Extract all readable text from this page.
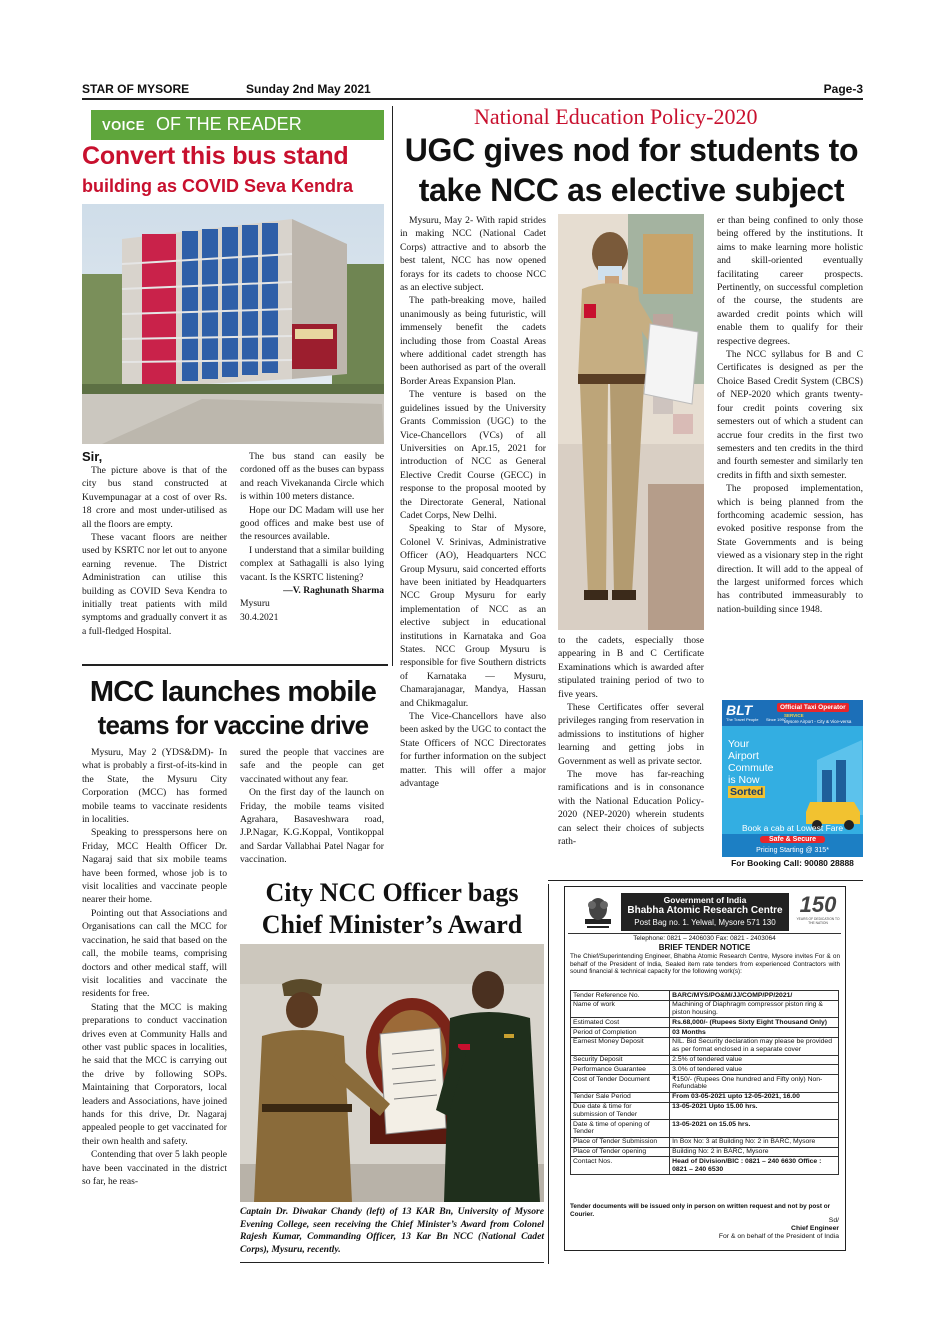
STAR OF MYSORE	Sunday 2nd May 2021	Page-3
VOICE OF THE READER
Convert this bus stand
building as COVID Seva Kendra
Sir,

The picture above is that of the city bus stand constructed at Kuvempunagar at a cost of over Rs. 18 crore and most under-utilised as all the floors are empty.

These vacant floors are neither used by KSRTC nor let out to anyone earning revenue. The District Administration can utilise this building as COVID Seva Kendra to initially treat patients with mild symptoms and gradually convert it as a full-fledged Hospital.

The bus stand can easily be cordoned off as the buses can bypass and reach Vivekananda Circle which is within 100 meters distance.

Hope our DC Madam will use her good offices and make best use of the resources available.

I understand that a similar building complex at Sathagalli is also lying vacant. Is the KSRTC listening?

—V. Raghunath Sharma
Mysuru
30.4.2021
National Education Policy-2020
UGC gives nod for students to
take NCC as elective subject

Mysuru, May 2- With rapid strides in making NCC (National Cadet Corps) attractive and to absorb the best talent, NCC has now opened forays for its cadets to choose NCC as an elective subject.

The path-breaking move, hailed unanimously as being futuristic, will immensely benefit the cadets including those from Coastal Areas where additional cadet strength has been authorised as part of the overall Border Areas Expansion Plan.

The venture is based on the guidelines issued by the University Grants Commission (UGC) to the Vice-Chancellors (VCs) of all Universities on Apr.15, 2021 for introduction of NCC as General Elective Credit Course (GECC) in response to the proposal mooted by the Directorate General, National Cadet Corps, New Delhi.

Speaking to Star of Mysore, Colonel V. Srinivas, Administrative Officer (AO), Headquarters NCC Group Mysuru, said concerted efforts have been initiated by Headquarters NCC Group Mysuru for early implementation of NCC as an elective subject in educational institutions in Karnataka and Goa States. NCC Group Mysuru is responsible for five Southern districts of Karnataka — Mysuru, Chamarajanagar, Mandya, Hassan and Chikmagalur.

The Vice-Chancellors have also been asked by the UGC to contact the State Officers of NCC Directorates for further information on the subject matter. This will offer a major advantage

to the cadets, especially those appearing in B and C Certificate Examinations which is awarded after stipulated training period of two to five years.

These Certificates offer several privileges ranging from reservation in admissions to institutions of higher learning and getting jobs in Government as well as private sector.

The move has far-reaching ramifications and is in consonance with the National Education Policy-2020 (NEP-2020) wherein students can select their choices of subjects rath-

er than being confined to only those being offered by the institutions. It aims to make learning more holistic and skill-oriented eventually facilitating career prospects. Pertinently, on successful completion of the course, the students are awarded credit points which will enable them to qualify for their respective degrees.

The NCC syllabus for B and C Certificates is designed as per the Choice Based Credit System (CBCS) of NEP-2020 which grants twenty-four credit points covering six semesters out of which a student can accrue four credits in the first two semesters and ten credits in the third and fourth semester and similarly ten credits in fifth and sixth semester.

The proposed implementation, which is being planned from the forthcoming academic session, has evoked positive response from the State Governments and is being viewed as a visionary step in the right direction. It will add to the appeal of the largest uniformed forces which has contributed immeasurably to nation-building since 1948.

BLT
The Travel People Since 1997
Official Taxi Operator
SERVICE
Mysore Airport - City & Vice-versa
Your
Airport
Commute
is Now
Sorted
Book a cab at Lowest Fare
Safe & Secure
Pricing Starting @ 315*
For Booking Call: 90080 28888
MCC launches mobile
teams for vaccine drive

Mysuru, May 2 (YDS&DM)- In what is probably a first-of-its-kind in the State, the Mysuru City Corporation (MCC) has formed mobile teams to vaccinate residents in localities.

Speaking to presspersons here on Friday, MCC Health Officer Dr. Nagaraj said that six mobile teams have been formed, whose job is to visit localities and vaccinate people nearer their home.

Pointing out that Associations and Organisations can call the MCC for vaccination, he said that based on the call, the mobile teams, comprising doctors and other medical staff, will visit localities and vaccinate the residents for free.

Stating that the MCC is making preparations to conduct vaccination drives even at Community Halls and other vast public spaces in localities, he said that the MCC is carrying out the drive by following SOPs. Maintaining that Corporators, local leaders and Associations, have joined hands for this drive, Dr. Nagaraj appealed people to get vaccinated for their own health and safety.

Contending that over 5 lakh people have been vaccinated in the district so far, he reas-

sured the people that vaccines are safe and the people can get vaccinated without any fear.

On the first day of the launch on Friday, the mobile teams visited Agrahara, Basaveshwara road, J.P.Nagar, K.G.Koppal, Vontikoppal and Sardar Vallabhai Patel Nagar for vaccination.

City NCC Officer bags
Chief Minister’s Award
Captain Dr. Diwakar Chandy (left) of 13 KAR Bn, University of Mysore Evening College, seen receiving the Chief Minister’s Award from Colonel Rajesh Kumar, Commanding Officer, 13 Kar Bn NCC (National Cadet Corps), Mysuru, recently.
Government of India
Bhabha Atomic Research Centre
Post Bag no. 1. Yelwal, Mysore 571 130
150
YEARS OF DEDICATION TO THE NATION
Telephone: 0821 – 2406030 Fax: 0821 - 2403064
BRIEF TENDER NOTICE
The Chief/Superintending Engineer, Bhabha Atomic Research Centre, Mysore invites For & on behalf of the President of India, Sealed item rate tenders from experienced Contractors with sound financial & technical capacity for the following work(s):
Tender Reference No.	BARC/MYS/PO&M/JJ/COMP/PP/2021/
Name of work	Machining of Diaphragm compressor piston ring & piston housing.
Estimated Cost	Rs.68,000/- (Rupees Sixty Eight Thousand Only)
Period of Completion	03 Months
Earnest Money Deposit	NIL. Bid Security declaration may please be provided as per format enclosed in a separate cover
Security Deposit	2.5% of tendered value
Performance Guarantee	3.0% of tendered value
Cost of Tender Document	₹150/- (Rupees One hundred and Fifty only) Non-Refundable
Tender Sale Period	From 03-05-2021 upto 12-05-2021, 16.00
Due date & time for submission of Tender	13-05-2021 Upto 15.00 hrs.
Date & time of opening of Tender	13-05-2021 on 15.05 hrs.
Place of Tender Submission	In Box No: 3 at Building No: 2 in BARC, Mysore
Place of Tender opening	Building No: 2 in BARC, Mysore
Contact Nos.	Head of Division/BIC : 0821 – 240 6630 Office : 0821 – 240 6530
Tender documents will be issued only in person on written request and not by post or Courier.
Sd/
Chief Engineer
For & on behalf of the President of India
